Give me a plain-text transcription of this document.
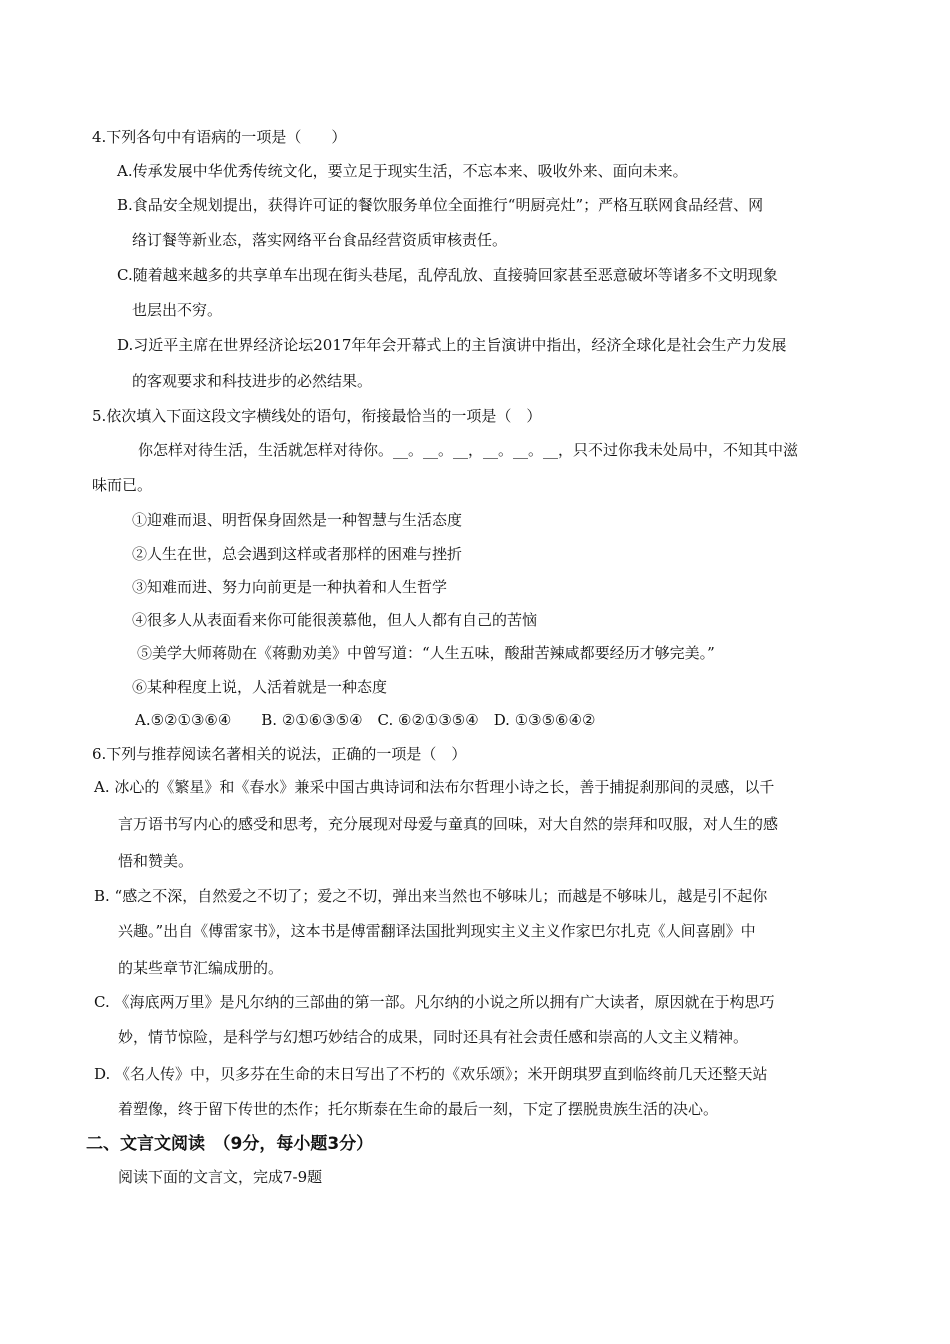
4.下列各句中有语病的一项是（　　）
A.传承发展中华优秀传统文化，要立足于现实生活，不忘本来、吸收外来、面向未来。
B.食品安全规划提出，获得许可证的餐饮服务单位全面推行“明厨亮灶”；严格互联网食品经营、网
络订餐等新业态，落实网络平台食品经营资质审核责任。
C.随着越来越多的共享单车出现在街头巷尾，乱停乱放、直接骑回家甚至恶意破坏等诸多不文明现象
也层出不穷。
D.习近平主席在世界经济论坛2017年年会开幕式上的主旨演讲中指出，经济全球化是社会生产力发展
的客观要求和科技进步的必然结果。
5.依次填入下面这段文字横线处的语句，衔接最恰当的一项是（　）
你怎样对待生活，生活就怎样对待你。__。__。__，__。__。__，只不过你我未处局中，不知其中滋
味而已。
①迎难而退、明哲保身固然是一种智慧与生活态度
②人生在世，总会遇到这样或者那样的困难与挫折
③知难而进、努力向前更是一种执着和人生哲学
④很多人从表面看来你可能很羡慕他，但人人都有自己的苦恼
⑤美学大师蒋勋在《蒋勳劝美》中曾写道：“人生五味，酸甜苦辣咸都要经历才够完美。”
⑥某种程度上说，人活着就是一种态度
A.⑤②①③⑥④　　B. ②①⑥③⑤④　C. ⑥②①③⑤④　D. ①③⑤⑥④②
6.下列与推荐阅读名著相关的说法，正确的一项是（　）
A. 冰心的《繁星》和《春水》兼采中国古典诗词和法布尔哲理小诗之长，善于捕捉刹那间的灵感，以千
言万语书写内心的感受和思考，充分展现对母爱与童真的回味，对大自然的崇拜和叹服，对人生的感
悟和赞美。
B. “感之不深，自然爱之不切了；爱之不切，弹出来当然也不够味儿；而越是不够味儿，越是引不起你
兴趣。”出自《傅雷家书》，这本书是傅雷翻译法国批判现实主义主义作家巴尔扎克《人间喜剧》中
的某些章节汇编成册的。
C. 《海底两万里》是凡尔纳的三部曲的第一部。凡尔纳的小说之所以拥有广大读者，原因就在于构思巧
妙，情节惊险，是科学与幻想巧妙结合的成果，同时还具有社会责任感和崇高的人文主义精神。
D. 《名人传》中，贝多芬在生命的末日写出了不朽的《欢乐颂》；米开朗琪罗直到临终前几天还整天站
着塑像，终于留下传世的杰作；托尔斯泰在生命的最后一刻，下定了摆脱贵族生活的决心。
二、文言文阅读　（9分，每小题3分）
阅读下面的文言文，完成7-9题
